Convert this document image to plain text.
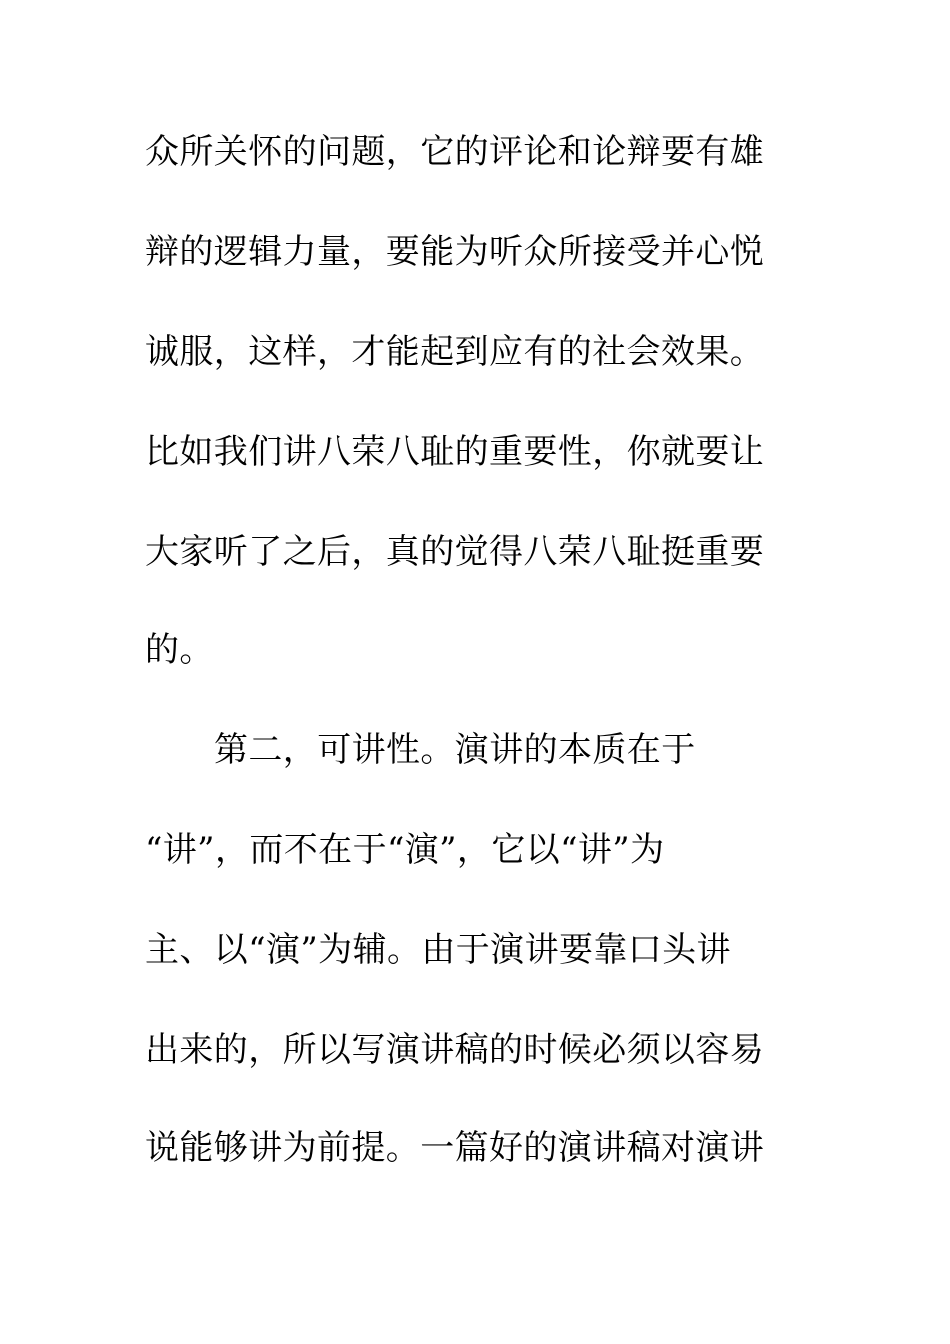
众所关怀的问题，它的评论和论辩要有雄
辩的逻辑力量，要能为听众所接受并心悦
诚服，这样，才能起到应有的社会效果。
比如我们讲八荣八耻的重要性，你就要让
大家听了之后，真的觉得八荣八耻挺重要
的。
第二，可讲性。演讲的本质在于
“讲”，而不在于“演”，它以“讲”为
主、以“演”为辅。由于演讲要靠口头讲
出来的，所以写演讲稿的时候必须以容易
说能够讲为前提。一篇好的演讲稿对演讲
